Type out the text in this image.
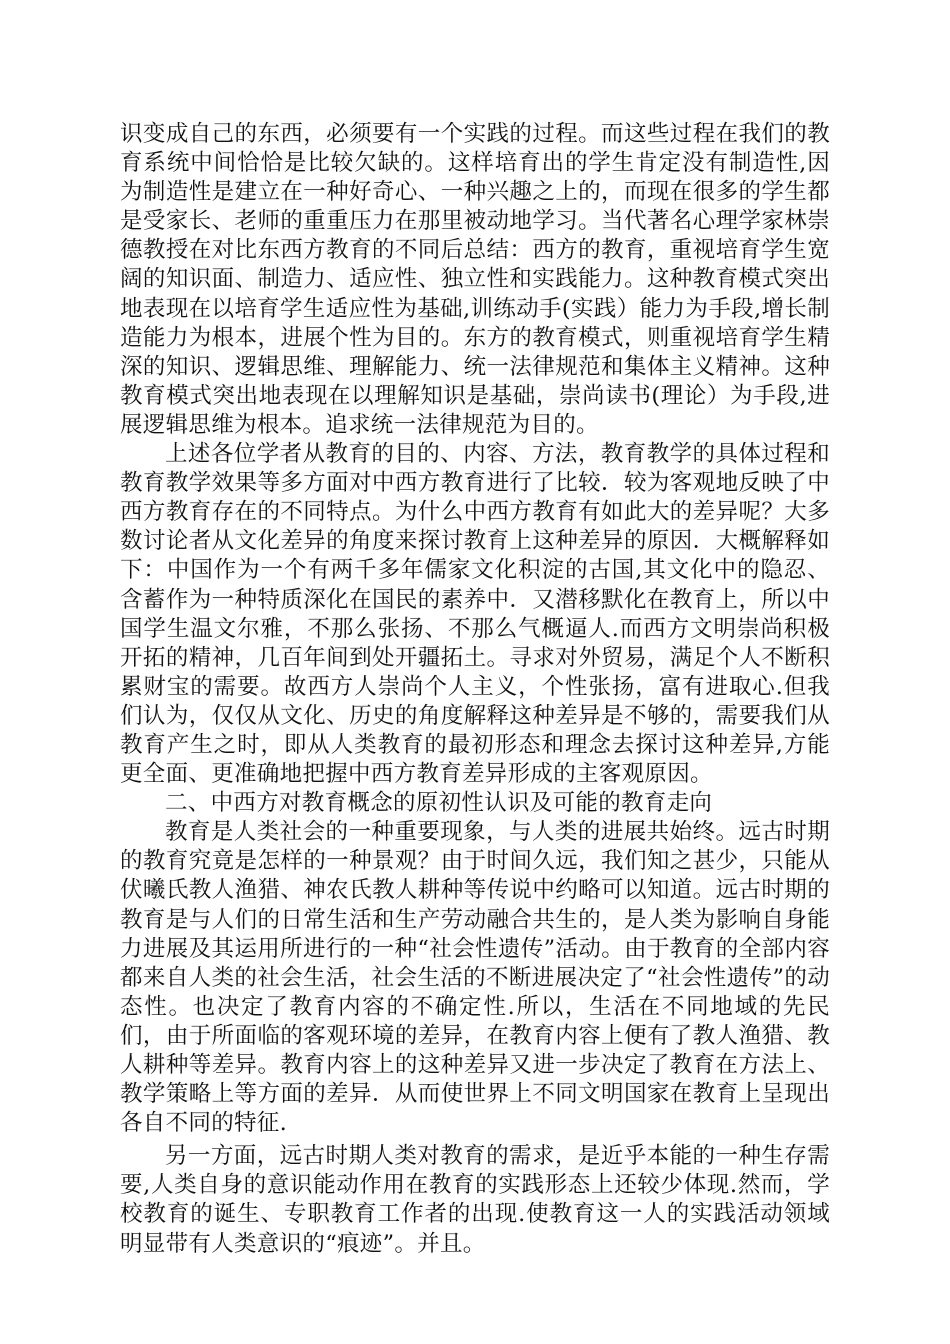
识变成自己的东西，必须要有一个实践的过程。而这些过程在我们的教育系统中间恰恰是比较欠缺的。这样培育出的学生肯定没有制造性,因为制造性是建立在一种好奇心、一种兴趣之上的，而现在很多的学生都是受家长、老师的重重压力在那里被动地学习。当代著名心理学家林崇德教授在对比东西方教育的不同后总结：西方的教育，重视培育学生宽阔的知识面、制造力、适应性、独立性和实践能力。这种教育模式突出地表现在以培育学生适应性为基础,训练动手(实践）能力为手段,增长制造能力为根本，进展个性为目的。东方的教育模式，则重视培育学生精深的知识、逻辑思维、理解能力、统一法律规范和集体主义精神。这种教育模式突出地表现在以理解知识是基础，崇尚读书(理论）为手段,进展逻辑思维为根本。追求统一法律规范为目的。

上述各位学者从教育的目的、内容、方法，教育教学的具体过程和教育教学效果等多方面对中西方教育进行了比较．较为客观地反映了中西方教育存在的不同特点。为什么中西方教育有如此大的差异呢？大多数讨论者从文化差异的角度来探讨教育上这种差异的原因．大概解释如下：中国作为一个有两千多年儒家文化积淀的古国,其文化中的隐忍、含蓄作为一种特质深化在国民的素养中．又潜移默化在教育上，所以中国学生温文尔雅，不那么张扬、不那么气概逼人.而西方文明崇尚积极开拓的精神，几百年间到处开疆拓土。寻求对外贸易，满足个人不断积累财宝的需要。故西方人崇尚个人主义，个性张扬，富有进取心.但我们认为，仅仅从文化、历史的角度解释这种差异是不够的，需要我们从教育产生之时，即从人类教育的最初形态和理念去探讨这种差异,方能更全面、更准确地把握中西方教育差异形成的主客观原因。

二、中西方对教育概念的原初性认识及可能的教育走向

教育是人类社会的一种重要现象，与人类的进展共始终。远古时期的教育究竟是怎样的一种景观？由于时间久远，我们知之甚少，只能从伏曦氏教人渔猎、神农氏教人耕种等传说中约略可以知道。远古时期的教育是与人们的日常生活和生产劳动融合共生的，是人类为影响自身能力进展及其运用所进行的一种“社会性遗传”活动。由于教育的全部内容都来自人类的社会生活，社会生活的不断进展决定了“社会性遗传”的动态性。也决定了教育内容的不确定性.所以，生活在不同地域的先民们，由于所面临的客观环境的差异，在教育内容上便有了教人渔猎、教人耕种等差异。教育内容上的这种差异又进一步决定了教育在方法上、教学策略上等方面的差异．从而使世界上不同文明国家在教育上呈现出各自不同的特征.

另一方面，远古时期人类对教育的需求，是近乎本能的一种生存需要,人类自身的意识能动作用在教育的实践形态上还较少体现.然而，学校教育的诞生、专职教育工作者的出现.使教育这一人的实践活动领域明显带有人类意识的“痕迹”。并且。
